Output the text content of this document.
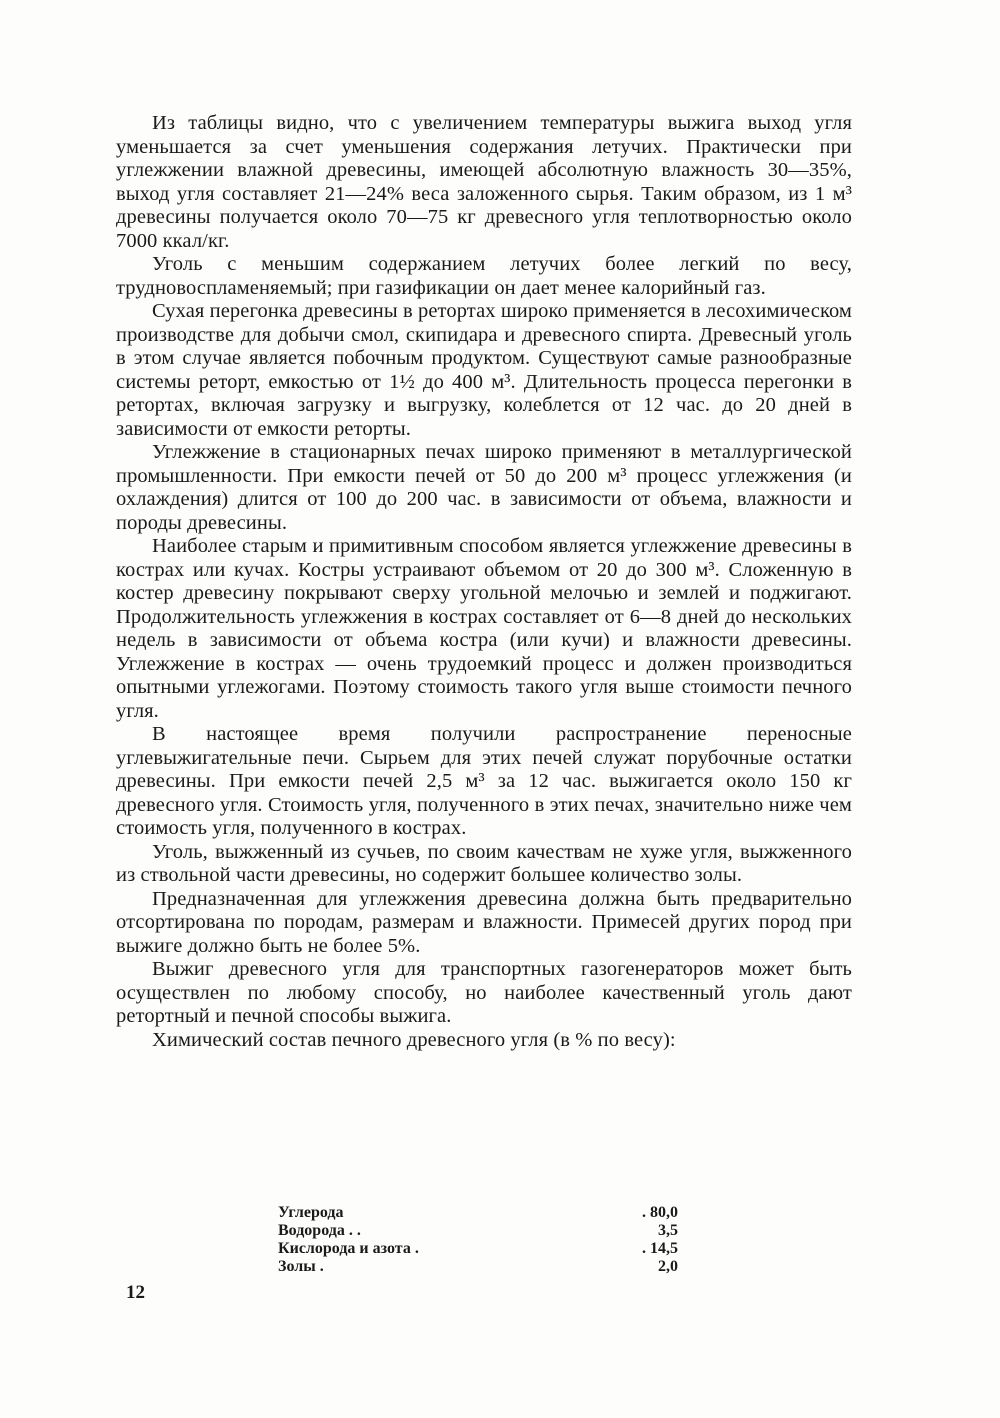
Из таблицы видно, что с увеличением температуры выжига выход угля уменьшается за счет уменьшения содержания летучих. Практически при углежжении влажной древесины, имеющей абсолютную влажность 30—35%, выход угля составляет 21—24% веса заложенного сырья. Таким образом, из 1 м³ древесины получается около 70—75 кг древесного угля теплотворностью около 7000 ккал/кг.

Уголь с меньшим содержанием летучих более легкий по весу, трудновоспламеняемый; при газификации он дает менее калорийный газ.

Сухая перегонка древесины в ретортах широко применяется в лесохимическом производстве для добычи смол, скипидара и древесного спирта. Древесный уголь в этом случае является побочным продуктом. Существуют самые разнообразные системы реторт, емкостью от 1½ до 400 м³. Длительность процесса перегонки в ретортах, включая загрузку и выгрузку, колеблется от 12 час. до 20 дней в зависимости от емкости реторты.

Углежжение в стационарных печах широко применяют в металлургической промышленности. При емкости печей от 50 до 200 м³ процесс углежжения (и охлаждения) длится от 100 до 200 час. в зависимости от объема, влажности и породы древесины.

Наиболее старым и примитивным способом является углежжение древесины в кострах или кучах. Костры устраивают объемом от 20 до 300 м³. Сложенную в костер древесину покрывают сверху угольной мелочью и землей и поджигают. Продолжительность углежжения в кострах составляет от 6—8 дней до нескольких недель в зависимости от объема костра (или кучи) и влажности древесины. Углежжение в кострах — очень трудоемкий процесс и должен производиться опытными углежогами. Поэтому стоимость такого угля выше стоимости печного угля.

В настоящее время получили распространение переносные углевыжигательные печи. Сырьем для этих печей служат порубочные остатки древесины. При емкости печей 2,5 м³ за 12 час. выжигается около 150 кг древесного угля. Стоимость угля, полученного в этих печах, значительно ниже чем стоимость угля, полученного в кострах.

Уголь, выжженный из сучьев, по своим качествам не хуже угля, выжженного из ствольной части древесины, но содержит большее количество золы.

Предназначенная для углежжения древесина должна быть предварительно отсортирована по породам, размерам и влажности. Примесей других пород при выжиге должно быть не более 5%.

Выжиг древесного угля для транспортных газогенераторов может быть осуществлен по любому способу, но наиболее качественный уголь дают ретортный и печной способы выжига.

Химический состав печного древесного угля (в % по весу):

Углерода	. 80,0
Водорода . .	3,5
Кислорода и азота .	. 14,5
Золы .	2,0
12
